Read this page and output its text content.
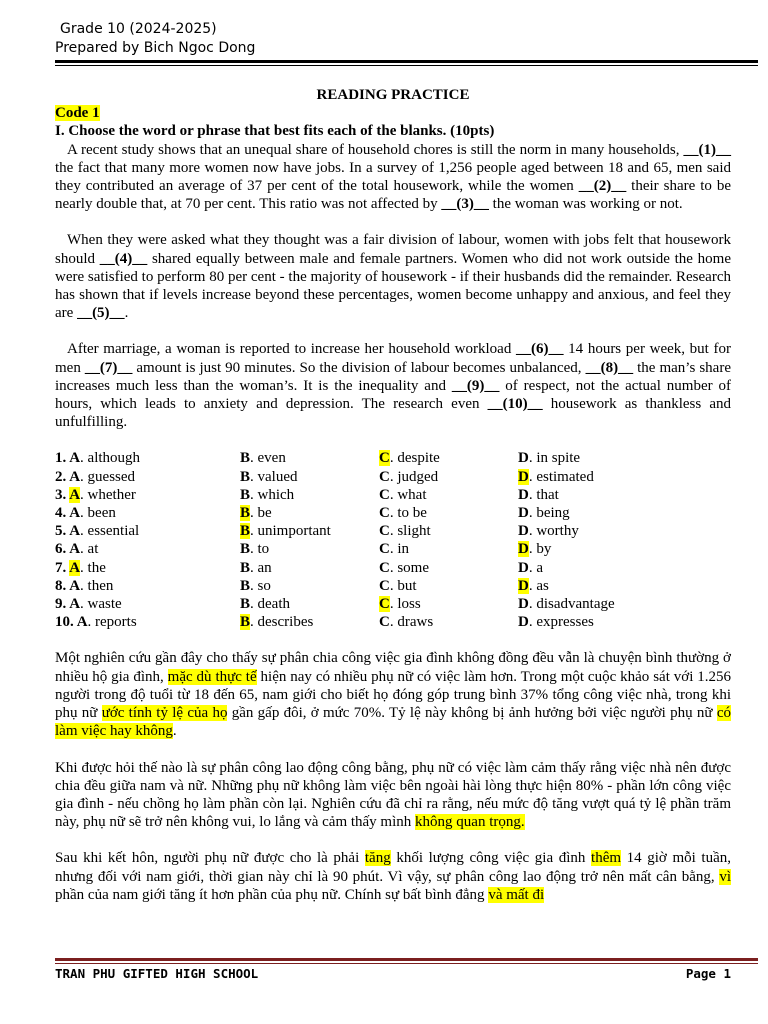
Grade 10 (2024-2025)
Prepared by Bich Ngoc Dong

READING PRACTICE

Code 1

I. Choose the word or phrase that best fits each of the blanks. (10pts)

A recent study shows that an unequal share of household chores is still the norm in many households, __(1)__ the fact that many more women now have jobs. In a survey of 1,256 people aged between 18 and 65, men said they contributed an average of 37 per cent of the total housework, while the women __(2)__ their share to be nearly double that, at 70 per cent. This ratio was not affected by __(3)__ the woman was working or not.

When they were asked what they thought was a fair division of labour, women with jobs felt that housework should __(4)__ shared equally between male and female partners. Women who did not work outside the home were satisfied to perform 80 per cent - the majority of housework - if their husbands did the remainder. Research has shown that if levels increase beyond these percentages, women become unhappy and anxious, and feel they are __(5)__.

After marriage, a woman is reported to increase her household workload __(6)__ 14 hours per week, but for men __(7)__ amount is just 90 minutes. So the division of labour becomes unbalanced, __(8)__ the man’s share increases much less than the woman’s. It is the inequality and __(9)__ of respect, not the actual number of hours, which leads to anxiety and depression. The research even __(10)__ housework as thankless and unfulfilling.

1. A. although	B. even	C. despite	D. in spite
2. A. guessed	B. valued	C. judged	D. estimated
3. A. whether	B. which	C. what	D. that
4. A. been	B. be	C. to be	D. being
5. A. essential	B. unimportant	C. slight	D. worthy
6. A. at	B. to	C. in	D. by
7. A. the	B. an	C. some	D. a
8. A. then	B. so	C. but	D. as
9. A. waste	B. death	C. loss	D. disadvantage
10. A. reports	B. describes	C. draws	D. expresses

Một nghiên cứu gần đây cho thấy sự phân chia công việc gia đình không đồng đều vẫn là chuyện bình thường ở nhiều hộ gia đình, mặc dù thực tế hiện nay có nhiều phụ nữ có việc làm hơn. Trong một cuộc khảo sát với 1.256 người trong độ tuổi từ 18 đến 65, nam giới cho biết họ đóng góp trung bình 37% tổng công việc nhà, trong khi phụ nữ ước tính tỷ lệ của họ gần gấp đôi, ở mức 70%. Tỷ lệ này không bị ảnh hưởng bởi việc người phụ nữ có làm việc hay không.

Khi được hỏi thế nào là sự phân công lao động công bằng, phụ nữ có việc làm cảm thấy rằng việc nhà nên được chia đều giữa nam và nữ. Những phụ nữ không làm việc bên ngoài hài lòng thực hiện 80% - phần lớn công việc gia đình - nếu chồng họ làm phần còn lại. Nghiên cứu đã chỉ ra rằng, nếu mức độ tăng vượt quá tỷ lệ phần trăm này, phụ nữ sẽ trở nên không vui, lo lắng và cảm thấy mình không quan trọng.

Sau khi kết hôn, người phụ nữ được cho là phải tăng khối lượng công việc gia đình thêm 14 giờ mỗi tuần, nhưng đối với nam giới, thời gian này chỉ là 90 phút. Vì vậy, sự phân công lao động trở nên mất cân bằng, vì phần của nam giới tăng ít hơn phần của phụ nữ. Chính sự bất bình đẳng và mất đi

TRAN PHU GIFTED HIGH SCHOOL	Page 1
